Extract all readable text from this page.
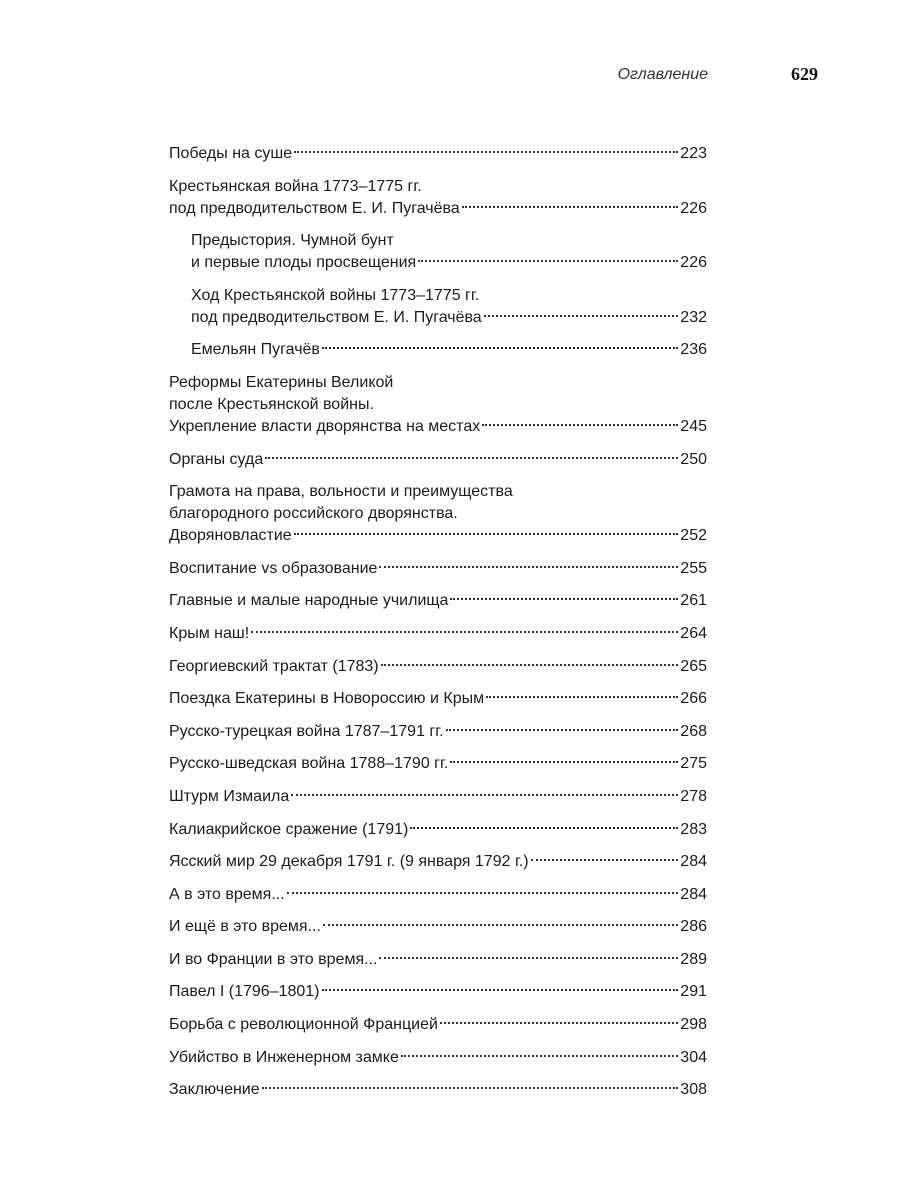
Оглавление	629
Победы на суше	223
Крестьянская война 1773–1775 гг.
под предводительством Е. И. Пугачёва	226
Предыстория. Чумной бунт
и первые плоды просвещения	226
Ход Крестьянской войны 1773–1775 гг.
под предводительством Е. И. Пугачёва	232
Емельян Пугачёв	236
Реформы Екатерины Великой
после Крестьянской войны.
Укрепление власти дворянства на местах	245
Органы суда	250
Грамота на права, вольности и преимущества
благородного российского дворянства.
Дворяновластие	252
Воспитание vs образование	255
Главные и малые народные училища	261
Крым наш!	264
Георгиевский трактат (1783)	265
Поездка Екатерины в Новороссию и Крым	266
Русско-турецкая война 1787–1791 гг.	268
Русско-шведская война 1788–1790 гг.	275
Штурм Измаила	278
Калиакрийское сражение (1791)	283
Ясский мир 29 декабря 1791 г. (9 января 1792 г.)	284
А в это время...	284
И ещё в это время...	286
И во Франции в это время...	289
Павел I (1796–1801)	291
Борьба с революционной Францией	298
Убийство в Инженерном замке	304
Заключение	308
